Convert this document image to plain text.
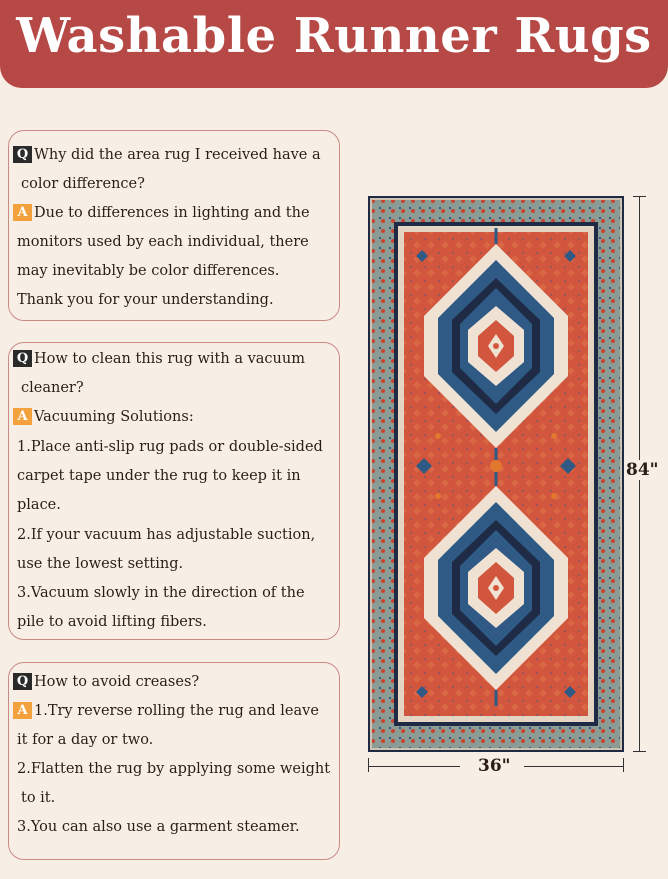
Washable Runner Rugs
Q Why did the area rug I received have a
color difference?
A Due to differences in lighting and the
monitors used by each individual, there
may inevitably be color differences.
Thank you for your understanding.
Q How to clean this rug with a vacuum
cleaner?
A Vacuuming Solutions:
1.Place anti-slip rug pads or double-sided
carpet tape under the rug to keep it in
place.
2.If your vacuum has adjustable suction,
use the lowest setting.
3.Vacuum slowly in the direction of the
pile to avoid lifting fibers.
Q How to avoid creases?
A 1.Try reverse rolling the rug and leave
it for a day or two.
2.Flatten the rug by applying some weight
to it.
3.You can also use a garment steamer.
84"
36"
